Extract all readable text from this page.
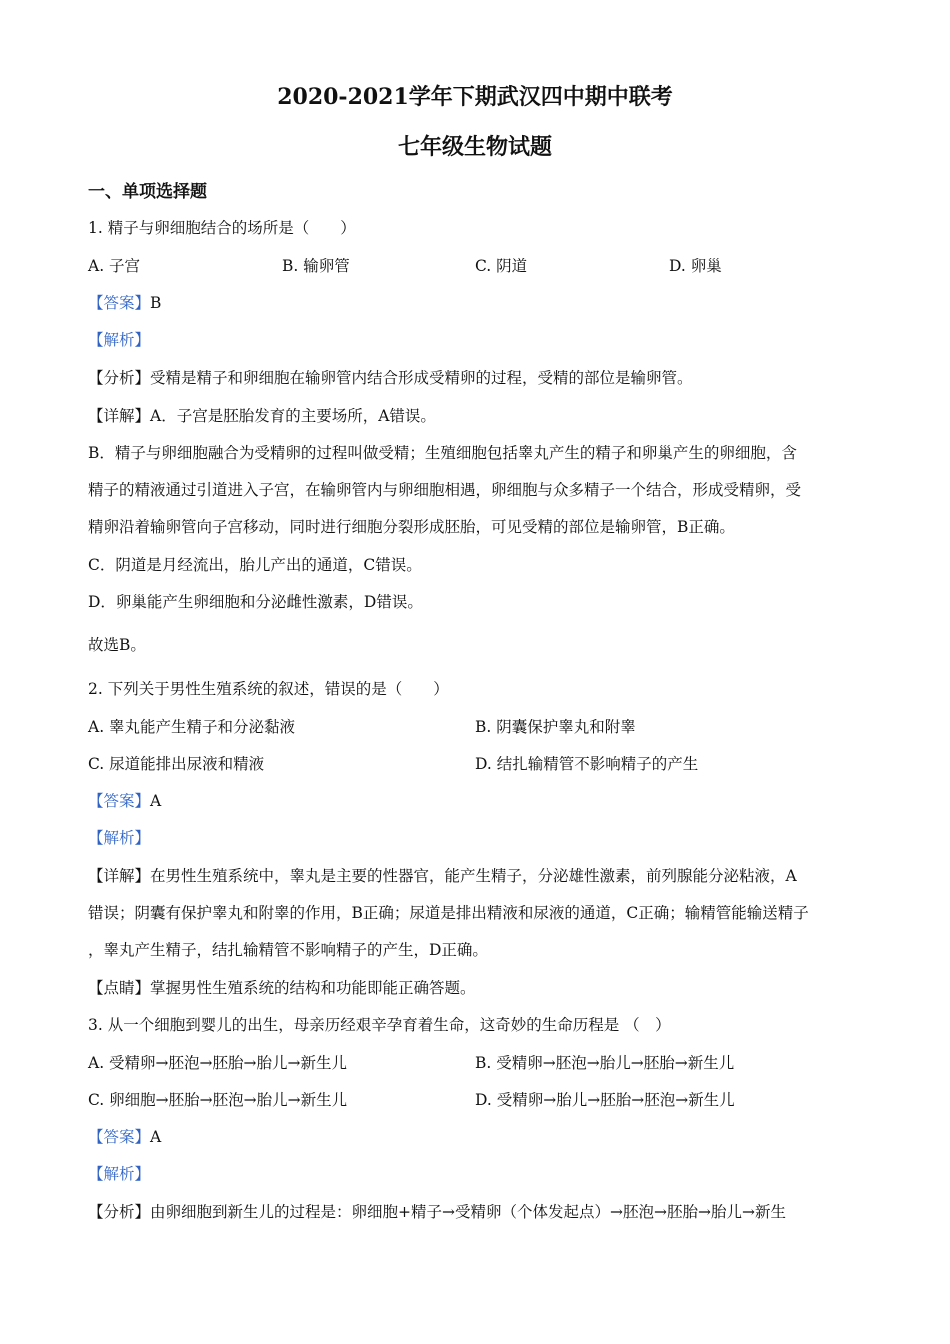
2020-2021学年下期武汉四中期中联考
七年级生物试题
一、单项选择题
1. 精子与卵细胞结合的场所是（　　）
A. 子宫	B. 输卵管	C. 阴道	D. 卵巢
【答案】B
【解析】
【分析】受精是精子和卵细胞在输卵管内结合形成受精卵的过程，受精的部位是输卵管。
【详解】A．子宫是胚胎发育的主要场所，A错误。
B．精子与卵细胞融合为受精卵的过程叫做受精；生殖细胞包括睾丸产生的精子和卵巢产生的卵细胞，含
精子的精液通过引道进入子宫，在输卵管内与卵细胞相遇，卵细胞与众多精子一个结合，形成受精卵，受
精卵沿着输卵管向子宫移动，同时进行细胞分裂形成胚胎，可见受精的部位是输卵管，B正确。
C．阴道是月经流出，胎儿产出的通道，C错误。
D．卵巢能产生卵细胞和分泌雌性激素，D错误。
故选B。
2. 下列关于男性生殖系统的叙述，错误的是（　　）
A. 睾丸能产生精子和分泌黏液	B. 阴囊保护睾丸和附睾
C. 尿道能排出尿液和精液	D. 结扎输精管不影响精子的产生
【答案】A
【解析】
【详解】在男性生殖系统中，睾丸是主要的性器官，能产生精子，分泌雄性激素，前列腺能分泌粘液，A
错误；阴囊有保护睾丸和附睾的作用，B正确；尿道是排出精液和尿液的通道，C正确；输精管能输送精子
，睾丸产生精子，结扎输精管不影响精子的产生，D正确。
【点睛】掌握男性生殖系统的结构和功能即能正确答题。
3. 从一个细胞到婴儿的出生，母亲历经艰辛孕育着生命，这奇妙的生命历程是 （　）
A. 受精卵→胚泡→胚胎→胎儿→新生儿	B. 受精卵→胚泡→胎儿→胚胎→新生儿
C. 卵细胞→胚胎→胚泡→胎儿→新生儿	D. 受精卵→胎儿→胚胎→胚泡→新生儿
【答案】A
【解析】
【分析】由卵细胞到新生儿的过程是：卵细胞+精子→受精卵（个体发起点）→胚泡→胚胎→胎儿→新生
